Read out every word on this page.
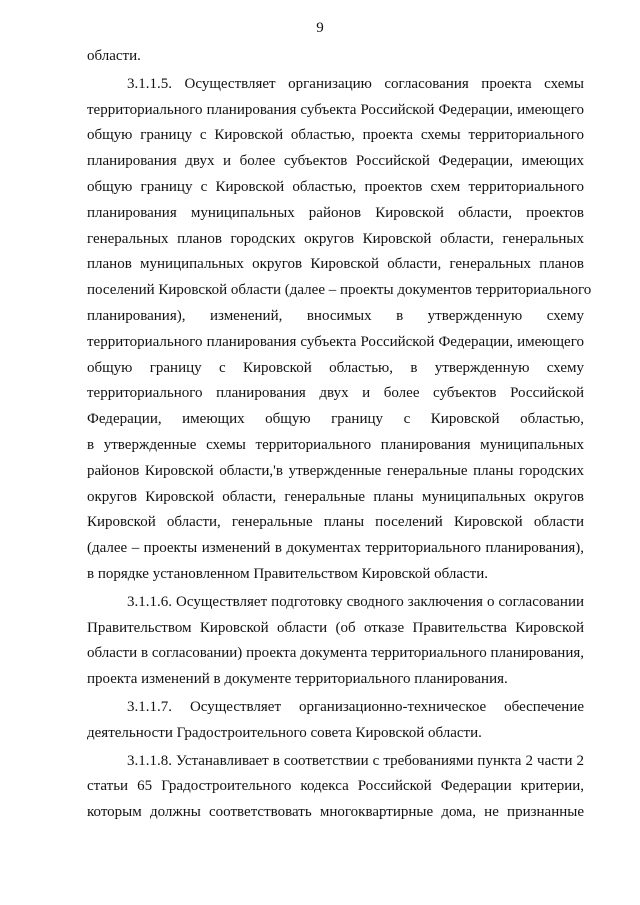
9
области.
3.1.1.5. Осуществляет организацию согласования проекта схемы
территориального планирования субъекта Российской Федерации, имеющего
общую границу с Кировской областью, проекта схемы территориального
планирования двух и более субъектов Российской Федерации, имеющих
общую границу с Кировской областью, проектов схем территориального
планирования муниципальных районов Кировской области, проектов
генеральных планов городских округов Кировской области, генеральных
планов муниципальных округов Кировской области, генеральных планов
поселений Кировской области (далее – проекты документов территориального
планирования), изменений, вносимых в утвержденную схему
территориального планирования субъекта Российской Федерации, имеющего
общую границу с Кировской областью, в утвержденную схему
территориального планирования двух и более субъектов Российской
Федерации, имеющих общую границу с Кировской областью,
в утвержденные схемы территориального планирования муниципальных
районов Кировской области,'в утвержденные генеральные планы городских
округов Кировской области, генеральные планы муниципальных округов
Кировской области, генеральные планы поселений Кировской области
(далее – проекты изменений в документах территориального планирования),
в порядке установленном Правительством Кировской области.
3.1.1.6. Осуществляет подготовку сводного заключения о согласовании
Правительством Кировской области (об отказе Правительства Кировской
области в согласовании) проекта документа территориального планирования,
проекта изменений в документе территориального планирования.
3.1.1.7. Осуществляет организационно-техническое обеспечение
деятельности Градостроительного совета Кировской области.
3.1.1.8. Устанавливает в соответствии с требованиями пункта 2 части 2
статьи 65 Градостроительного кодекса Российской Федерации критерии,
которым должны соответствовать многоквартирные дома, не признанные
